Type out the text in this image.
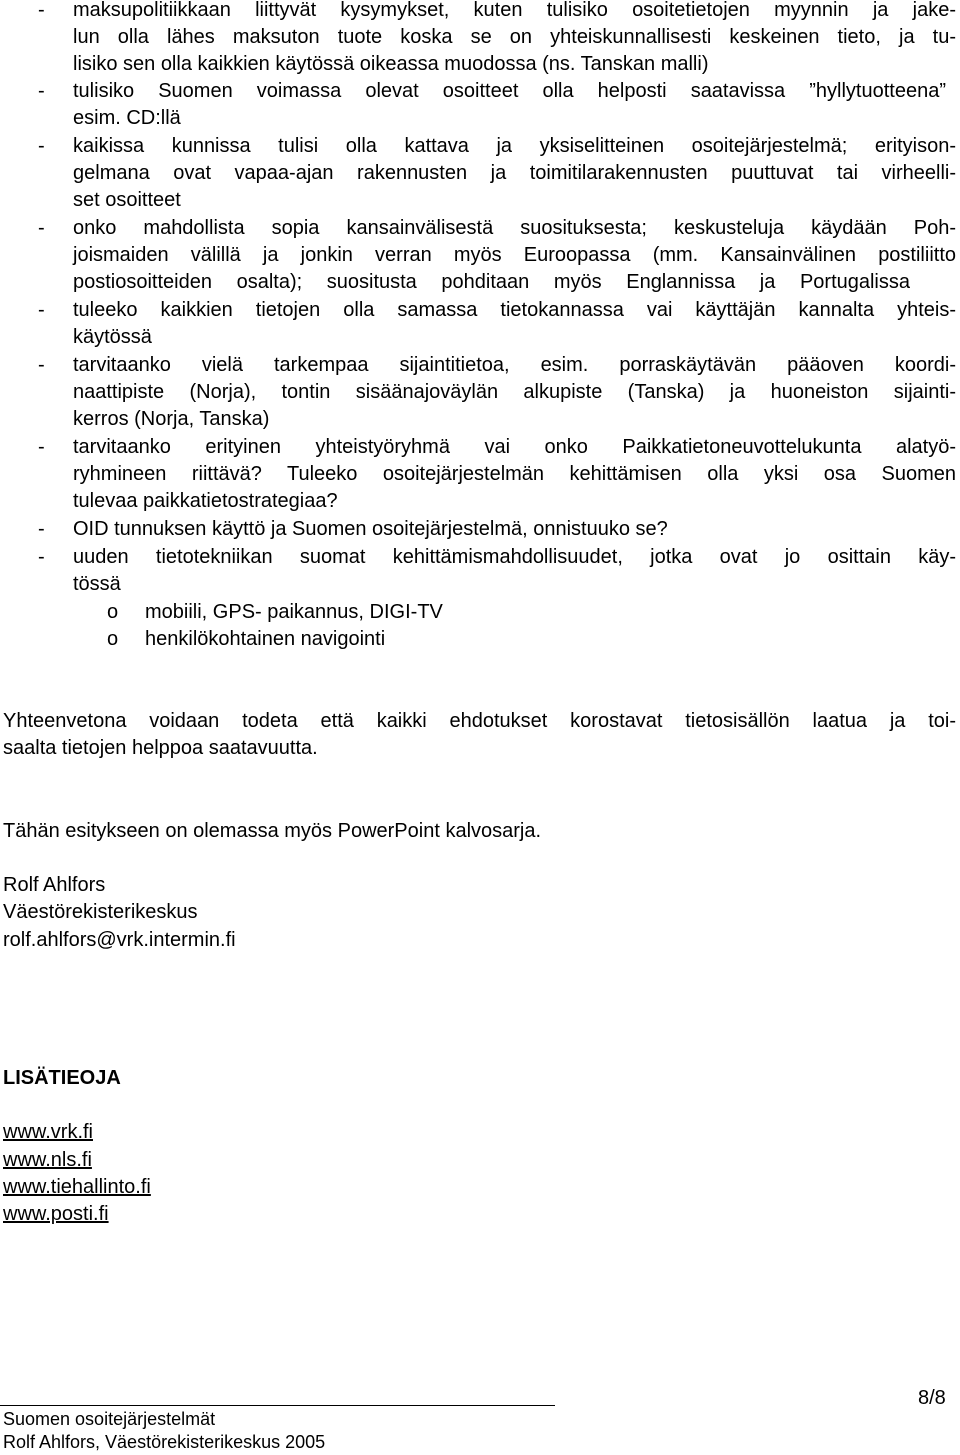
- maksupolitiikkaan liittyvät kysymykset, kuten tulisiko osoitetietojen myynnin ja jake-
lun olla lähes maksuton tuote koska se on yhteiskunnallisesti keskeinen tieto, ja tu-
lisiko sen olla kaikkien käytössä oikeassa muodossa (ns. Tanskan malli)
- tulisiko Suomen voimassa olevat osoitteet olla helposti saatavissa ”hyllytuotteena”
esim. CD:llä
- kaikissa kunnissa tulisi olla kattava ja yksiselitteinen osoitejärjestelmä; erityison-
gelmana ovat vapaa-ajan rakennusten ja toimitilarakennusten puuttuvat tai virheelli-
set osoitteet
- onko mahdollista sopia kansainvälisestä suosituksesta; keskusteluja käydään Poh-
joismaiden välillä ja jonkin verran myös Euroopassa (mm. Kansainvälinen postiliitto
postiosoitteiden osalta); suositusta pohditaan myös Englannissa ja Portugalissa
- tuleeko kaikkien tietojen olla samassa tietokannassa vai käyttäjän kannalta yhteis-
käytössä
- tarvitaanko vielä tarkempaa sijaintitietoa, esim. porraskäytävän pääoven koordi-
naattipiste (Norja), tontin sisäänajoväylän alkupiste (Tanska) ja huoneiston sijainti-
kerros (Norja, Tanska)
- tarvitaanko erityinen yhteistyöryhmä vai onko Paikkatietoneuvottelukunta alatyö-
ryhmineen riittävä? Tuleeko osoitejärjestelmän kehittämisen olla yksi osa Suomen
tulevaa paikkatietostrategiaa?
- OID tunnuksen käyttö ja Suomen osoitejärjestelmä, onnistuuko se?
- uuden tietotekniikan suomat kehittämismahdollisuudet, jotka ovat jo osittain käy-
tössä
o mobiili, GPS- paikannus, DIGI-TV
o henkilökohtainen navigointi
Yhteenvetona voidaan todeta että kaikki ehdotukset korostavat tietosisällön laatua ja toi-
saalta tietojen helppoa saatavuutta.
Tähän esitykseen on olemassa myös PowerPoint kalvosarja.
Rolf Ahlfors
Väestörekisterikeskus
rolf.ahlfors@vrk.intermin.fi
LISÄTIEOJA
www.vrk.fi
www.nls.fi
www.tiehallinto.fi
www.posti.fi
8/8
Suomen osoitejärjestelmät
Rolf Ahlfors, Väestörekisterikeskus 2005
